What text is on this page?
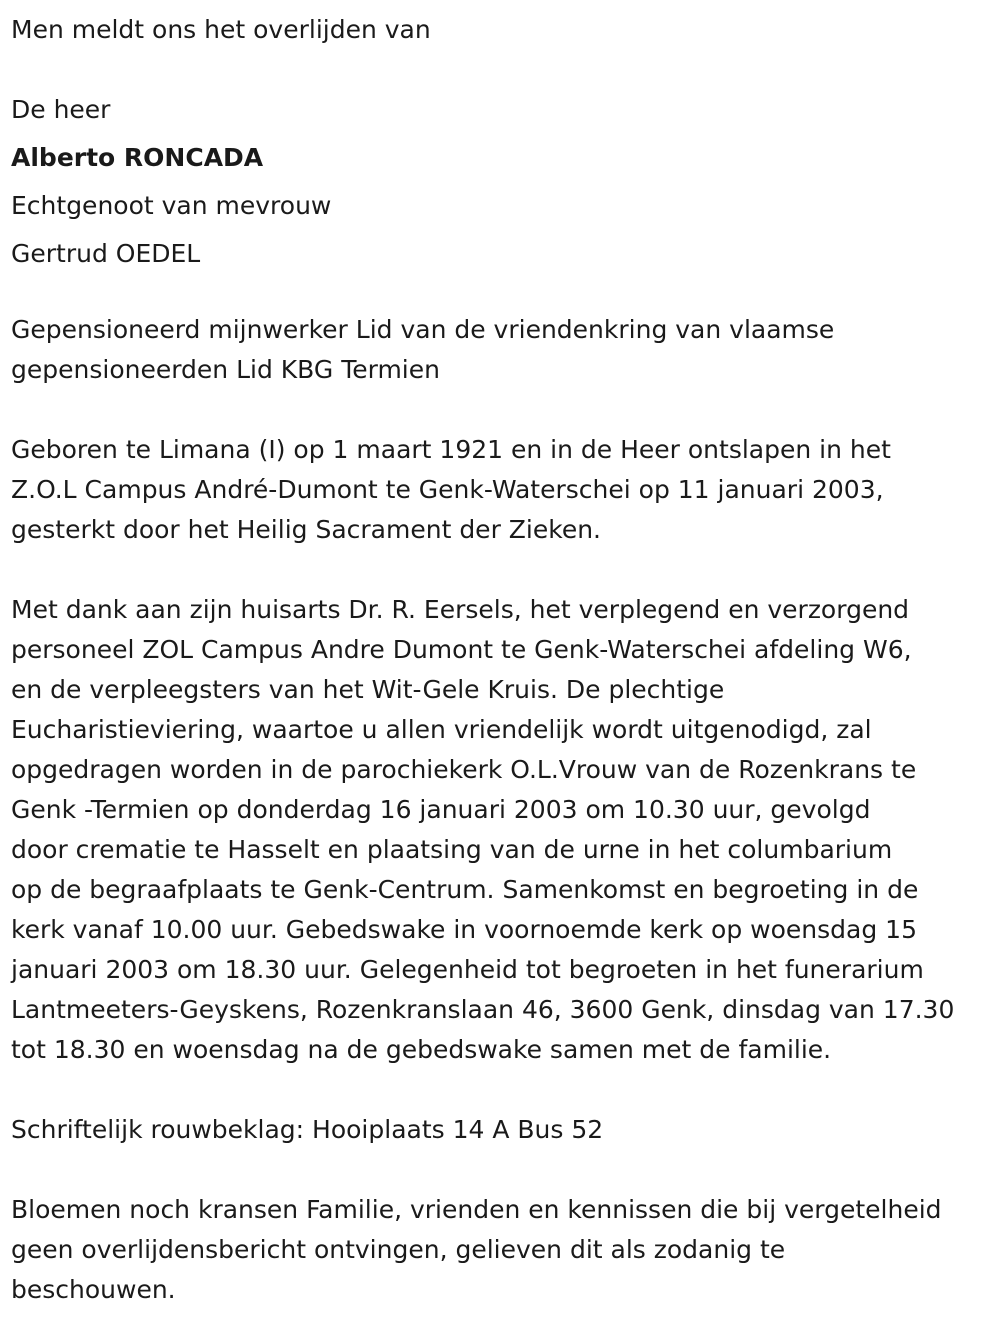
Men meldt ons het overlijden van

De heer

Alberto RONCADA

Echtgenoot van mevrouw

Gertrud OEDEL

Gepensioneerd mijnwerker Lid van de vriendenkring van vlaamse

gepensioneerden Lid KBG Termien

Geboren te Limana (I) op 1 maart 1921 en in de Heer ontslapen in het

Z.O.L Campus André-Dumont te Genk-Waterschei op 11 januari 2003,

gesterkt door het Heilig Sacrament der Zieken.

Met dank aan zijn huisarts Dr. R. Eersels, het verplegend en verzorgend

personeel ZOL Campus Andre Dumont te Genk-Waterschei afdeling W6,

en de verpleegsters van het Wit-Gele Kruis. De plechtige

Eucharistieviering, waartoe u allen vriendelijk wordt uitgenodigd, zal

opgedragen worden in de parochiekerk O.L.Vrouw van de Rozenkrans te

Genk -Termien op donderdag 16 januari 2003 om 10.30 uur, gevolgd

door crematie te Hasselt en plaatsing van de urne in het columbarium

op de begraafplaats te Genk-Centrum. Samenkomst en begroeting in de

kerk vanaf 10.00 uur. Gebedswake in voornoemde kerk op woensdag 15

januari 2003 om 18.30 uur. Gelegenheid tot begroeten in het funerarium

Lantmeeters-Geyskens, Rozenkranslaan 46, 3600 Genk, dinsdag van 17.30

tot 18.30 en woensdag na de gebedswake samen met de familie.

Schriftelijk rouwbeklag: Hooiplaats 14 A Bus 52

Bloemen noch kransen Familie, vrienden en kennissen die bij vergetelheid

geen overlijdensbericht ontvingen, gelieven dit als zodanig te

beschouwen.
